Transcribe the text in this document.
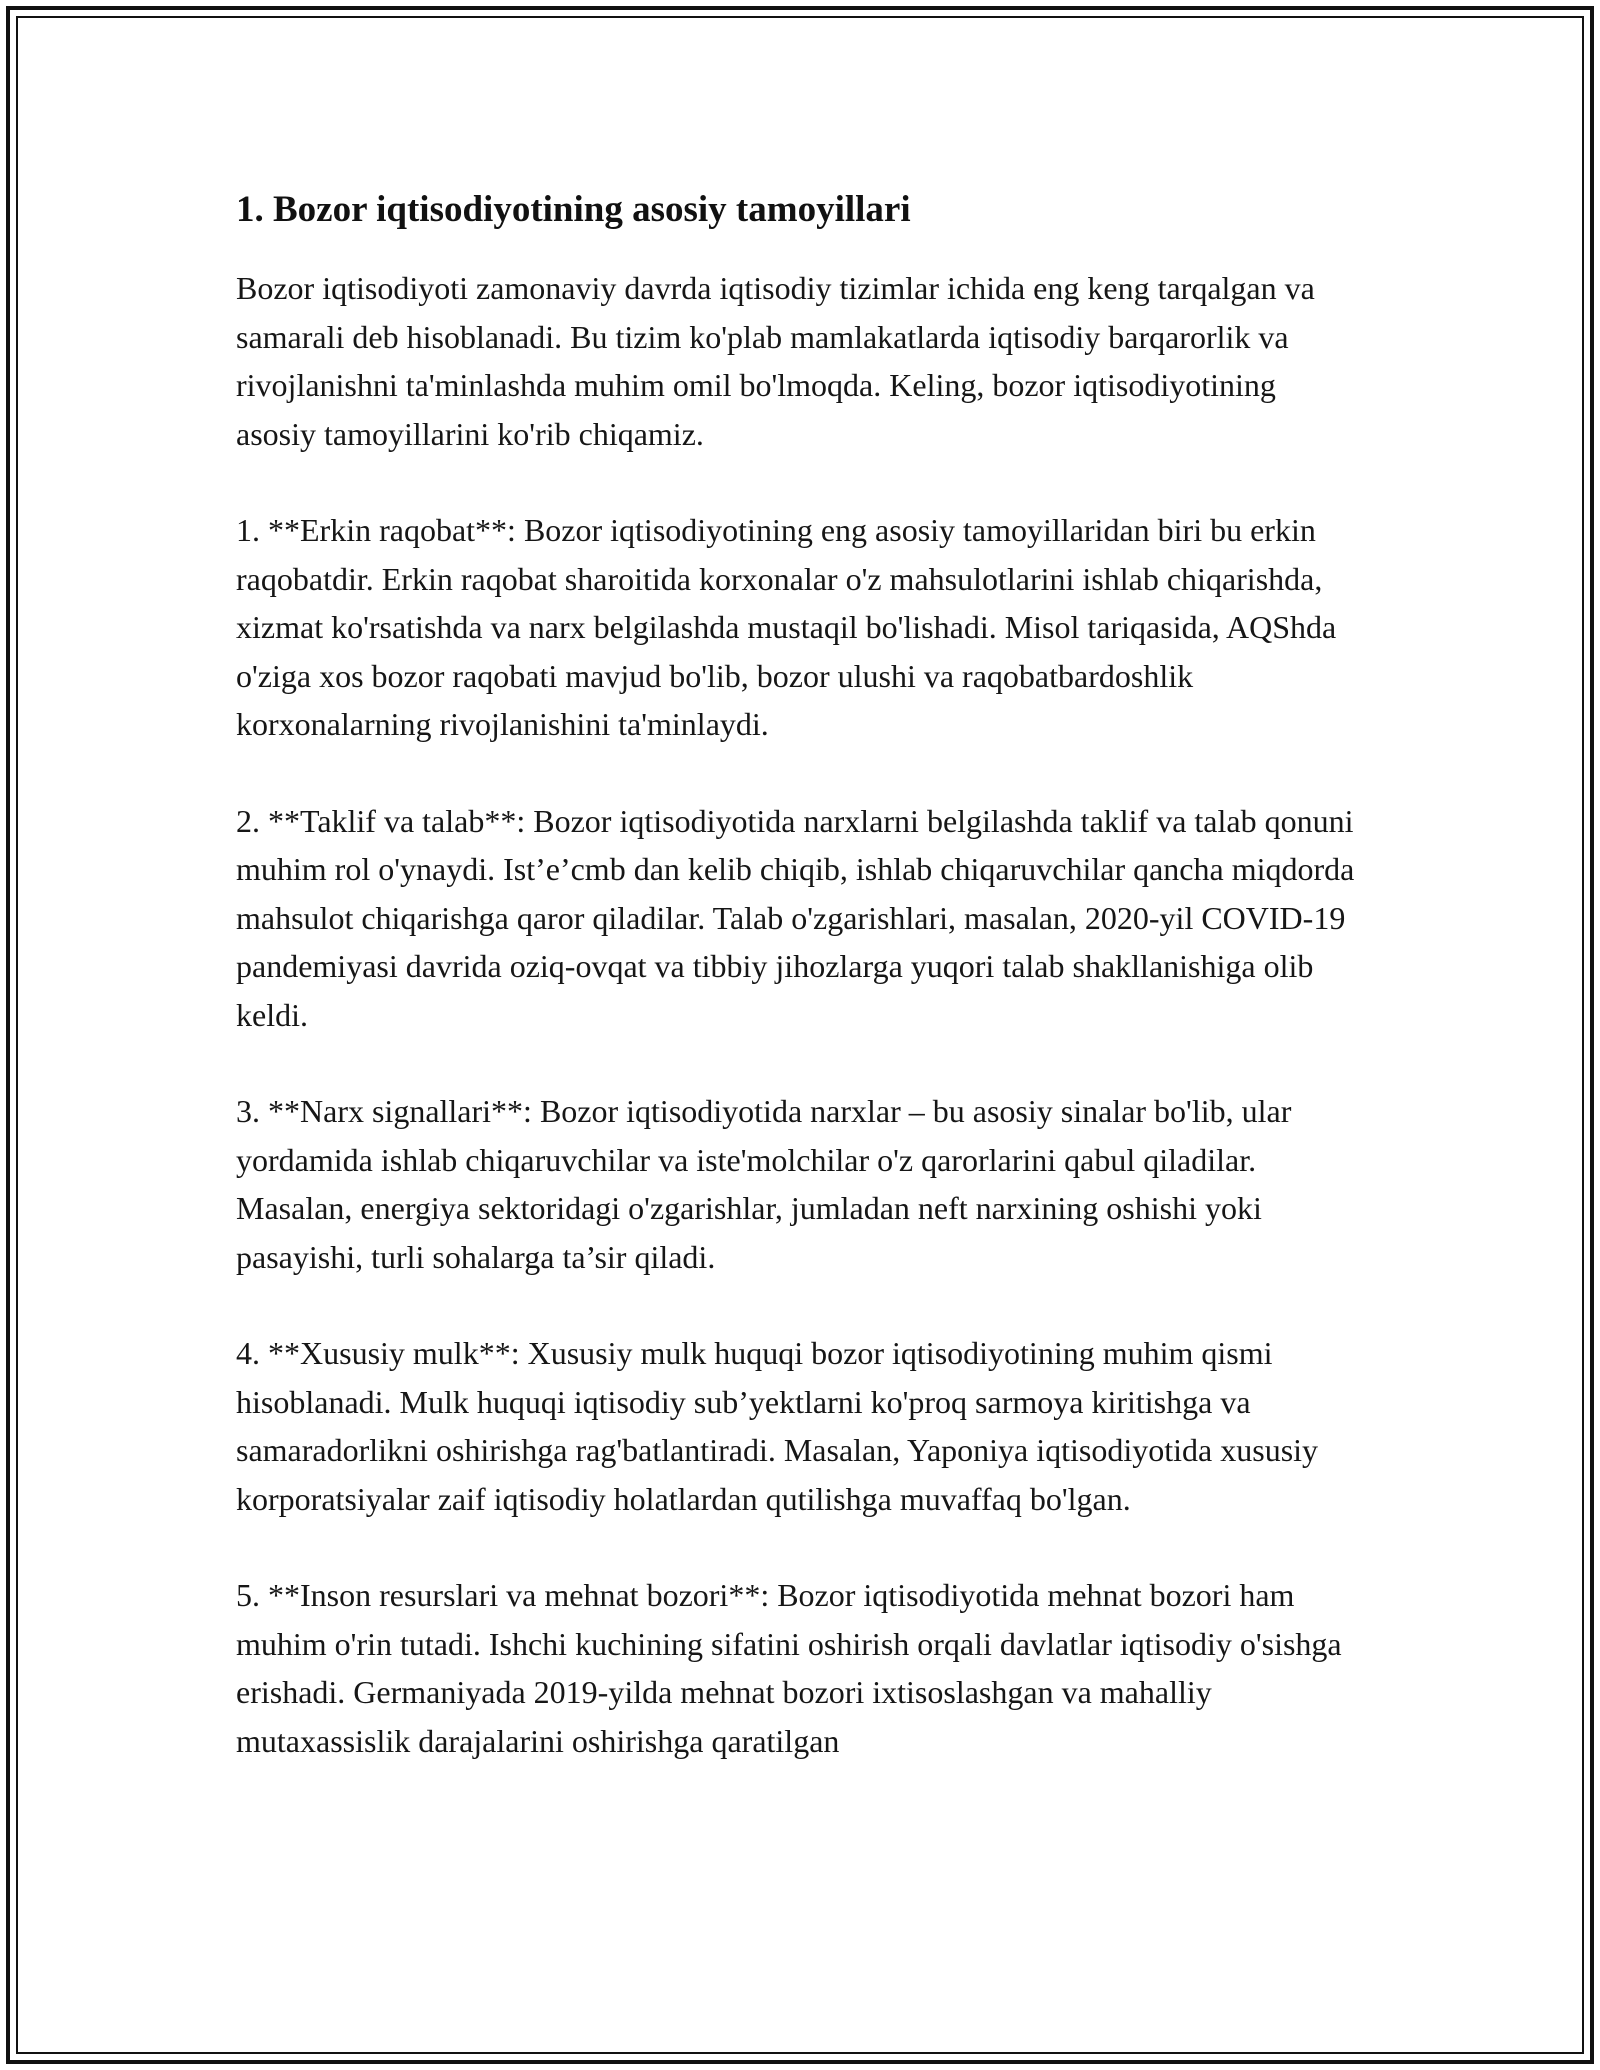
1. Bozor iqtisodiyotining asosiy tamoyillari

Bozor iqtisodiyoti zamonaviy davrda iqtisodiy tizimlar ichida eng keng tarqalgan va samarali deb hisoblanadi. Bu tizim ko'plab mamlakatlarda iqtisodiy barqarorlik va rivojlanishni ta'minlashda muhim omil bo'lmoqda. Keling, bozor iqtisodiyotining asosiy tamoyillarini ko'rib chiqamiz.

1. **Erkin raqobat**: Bozor iqtisodiyotining eng asosiy tamoyillaridan biri bu erkin raqobatdir. Erkin raqobat sharoitida korxonalar o'z mahsulotlarini ishlab chiqarishda, xizmat ko'rsatishda va narx belgilashda mustaqil bo'lishadi. Misol tariqasida, AQShda o'ziga xos bozor raqobati mavjud bo'lib, bozor ulushi va raqobatbardoshlik korxonalarning rivojlanishini ta'minlaydi.

2. **Taklif va talab**: Bozor iqtisodiyotida narxlarni belgilashda taklif va talab qonuni muhim rol o'ynaydi. Ist’e’cmb dan kelib chiqib, ishlab chiqaruvchilar qancha miqdorda mahsulot chiqarishga qaror qiladilar. Talab o'zgarishlari, masalan, 2020-yil COVID-19 pandemiyasi davrida oziq-ovqat va tibbiy jihozlarga yuqori talab shakllanishiga olib keldi.

3. **Narx signallari**: Bozor iqtisodiyotida narxlar – bu asosiy sinalar bo'lib, ular yordamida ishlab chiqaruvchilar va iste'molchilar o'z qarorlarini qabul qiladilar. Masalan, energiya sektoridagi o'zgarishlar, jumladan neft narxining oshishi yoki pasayishi, turli sohalarga ta’sir qiladi.

4. **Xususiy mulk**: Xususiy mulk huquqi bozor iqtisodiyotining muhim qismi hisoblanadi. Mulk huquqi iqtisodiy sub’yektlarni ko'proq sarmoya kiritishga va samaradorlikni oshirishga rag'batlantiradi. Masalan, Yaponiya iqtisodiyotida xususiy korporatsiyalar zaif iqtisodiy holatlardan qutilishga muvaffaq bo'lgan.

5. **Inson resurslari va mehnat bozori**: Bozor iqtisodiyotida mehnat bozori ham muhim o'rin tutadi. Ishchi kuchining sifatini oshirish orqali davlatlar iqtisodiy o'sishga erishadi. Germaniyada 2019-yilda mehnat bozori ixtisoslashgan va mahalliy mutaxassislik darajalarini oshirishga qaratilgan
